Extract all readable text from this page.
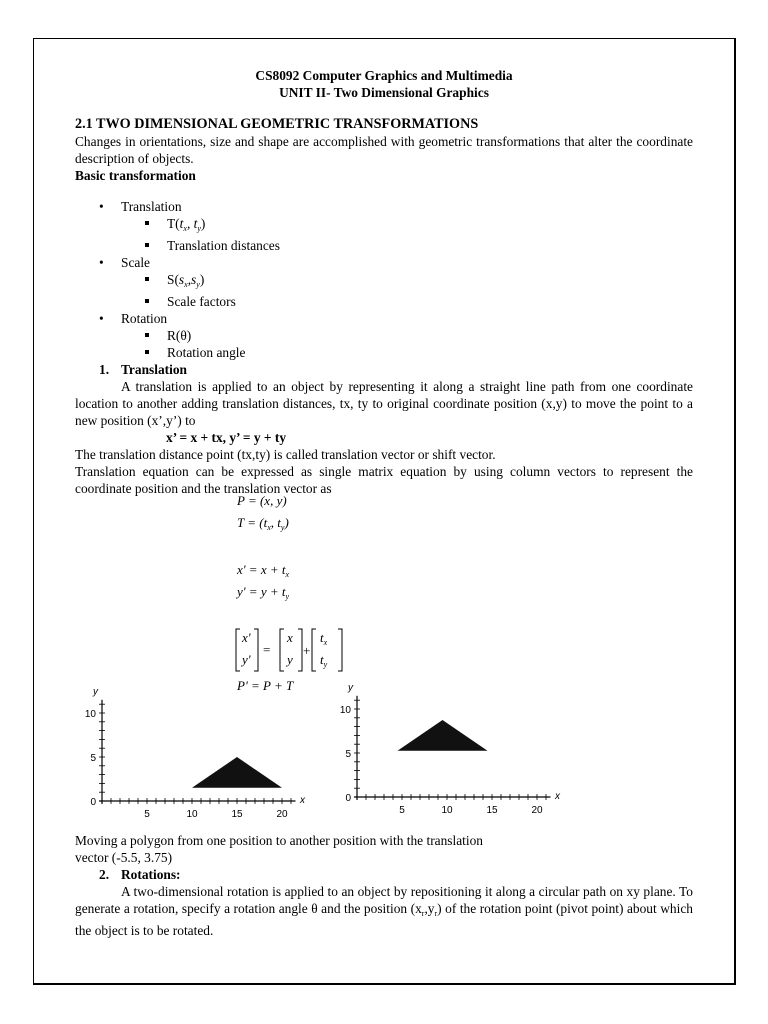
CS8092 Computer Graphics and Multimedia
UNIT II- Two Dimensional Graphics
2.1 TWO DIMENSIONAL GEOMETRIC TRANSFORMATIONS
Changes in orientations, size and shape are accomplished with geometric transformations that alter the coordinate description of objects.
Basic transformation
• Translation
$T(t_x$, $t_y$)
Translation distances
• Scale
$S(s_x,s_y)$
Scale factors
• Rotation
R(θ)
Rotation angle
1. Translation
A translation is applied to an object by representing it along a straight line path from one coordinate location to another adding translation distances, tx, ty to original coordinate position (x,y) to move the point to a new position (x’,y’) to
x’ = x + tx, y’ = y + ty
The translation distance point (tx,ty) is called translation vector or shift vector.
Translation equation can be expressed as single matrix equation by using column vectors to represent the coordinate position and the translation vector as
P = (x, y)
$T = (t_x$, $t_y$)
$x' = x + t_x$
$y' = y + t_y$
x'
y'
x
y
$t_x$
$t_y$
=	+
P' = P + T
10
5
0
5	10	15	20
y
x
10
5
0
5	10	15	20
y
x
Moving a polygon from one position to another position with the translation
vector (-5.5, 3.75)
2. Rotations:
A two-dimensional rotation is applied to an object by repositioning it along a circular path on xy plane. To generate a rotation, specify a rotation angle θ and the position $(x_r,y_r)$ of the rotation point (pivot point) about which the object is to be rotated.
